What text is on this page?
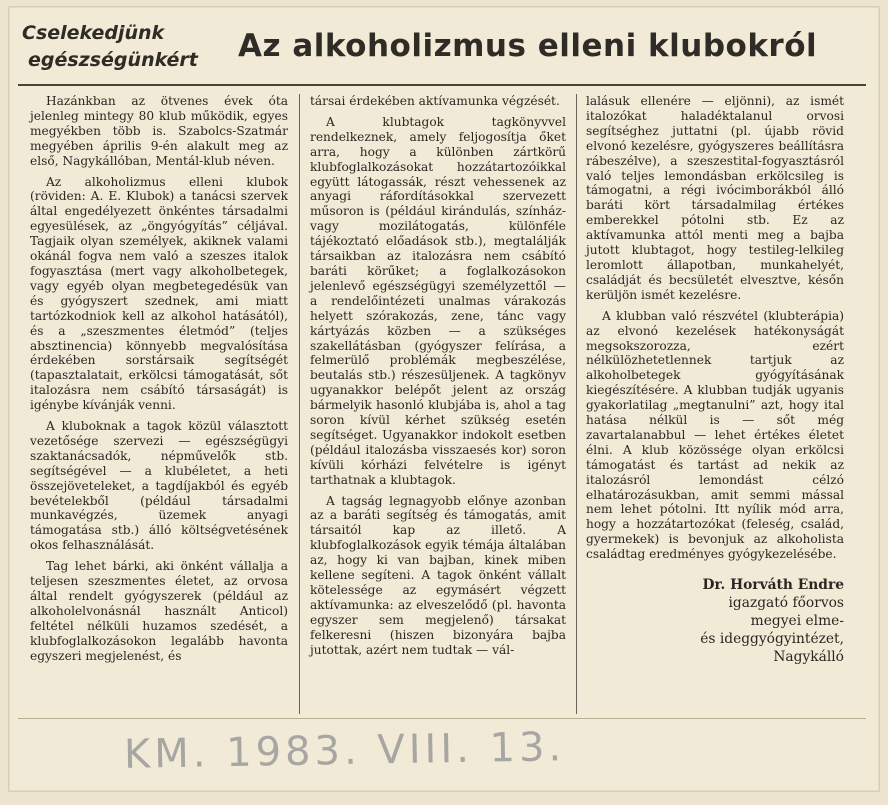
Cselekedjünk
egészségünkért	Az alkoholizmus elleni klubokról

Hazánkban az ötvenes évek óta jelenleg mintegy 80 klub működik, egyes megyékben több is. Szabolcs-Szatmár megyében április 9-én alakult meg az első, Nagykállóban, Mentál-klub néven.

Az alkoholizmus elleni klubok (röviden: A. E. Klubok) a tanácsi szervek által engedélyezett önkéntes társadalmi egyesülések, az „öngyógyítás” céljával. Tagjaik olyan személyek, akiknek valami okánál fogva nem való a szeszes italok fogyasztása (mert vagy alkoholbetegek, vagy egyéb olyan megbetegedésük van és gyógyszert szednek, ami miatt tartózkodniok kell az alkohol hatásától), és a „szeszmentes életmód” (teljes absztinencia) könnyebb megvalósítása érdekében sorstársaik segítségét (tapasztalatait, erkölcsi támogatását, sőt italozásra nem csábító társaságát) is igénybe kívánják venni.

A kluboknak a tagok közül választott vezetősége szervezi — egészségügyi szaktanácsadók, népművelők stb. segítségével — a klubéletet, a heti összejöveteleket, a tagdíjakból és egyéb bevételekből (például társadalmi munkavégzés, üzemek anyagi támogatása stb.) álló költségvetésének okos felhasználását.

Tag lehet bárki, aki önként vállalja a teljesen szeszmentes életet, az orvosa által rendelt gyógyszerek (például az alkoholelvonásnál használt Anticol) feltétel nélküli huzamos szedését, a klubfoglalkozásokon legalább havonta egyszeri megjelenést, és

társai érdekében aktívamunka végzését.

A klubtagok tagkönyvvel rendelkeznek, amely feljogosítja őket arra, hogy a különben zártkörű klubfoglalkozásokat hozzátartozóikkal együtt látogassák, részt vehessenek az anyagi ráfordításokkal szervezett műsoron is (például kirándulás, színház- vagy mozilátogatás, különféle tájékoztató előadások stb.), megtalálják társaikban az italozásra nem csábító baráti körűket; a foglalkozásokon jelenlevő egészségügyi személyzettől — a rendelőintézeti unalmas várakozás helyett szórakozás, zene, tánc vagy kártyázás közben — a szükséges szakellátásban (gyógyszer felírása, a felmerülő problémák megbeszélése, beutalás stb.) részesüljenek. A tagkönyv ugyanakkor belépőt jelent az ország bármelyik hasonló klubjába is, ahol a tag soron kívül kérhet szükség esetén segítséget. Ugyanakkor indokolt esetben (például italozásba visszaesés kor) soron kívüli kórházi felvételre is igényt tarthatnak a klubtagok.

A tagság legnagyobb előnye azonban az a baráti segítség és támogatás, amit társaitól kap az illető. A klubfoglalkozások egyik témája általában az, hogy ki van bajban, kinek miben kellene segíteni. A tagok önként vállalt kötelessége az egymásért végzett aktívamunka: az elveszelődő (pl. havonta egyszer sem megjelenő) társakat felkeresni (hiszen bizonyára bajba jutottak, azért nem tudtak — vál-

lalásuk ellenére — eljönni), az ismét italozókat haladéktalanul orvosi segítséghez juttatni (pl. újabb rövid elvonó kezelésre, gyógyszeres beállításra rábeszélve), a szeszestital-fogyasztásról való teljes lemondásban erkölcsileg is támogatni, a régi ivócimborákból álló baráti kört társadalmilag értékes emberekkel pótolni stb. Ez az aktívamunka attól menti meg a bajba jutott klubtagot, hogy testileg-lelkileg leromlott állapotban, munkahelyét, családját és becsületét elvesztve, későn kerüljön ismét kezelésre.

A klubban való részvétel (klubterápia) az elvonó kezelések hatékonyságát megsokszorozza, ezért nélkülözhetetlennek tartjuk az alkoholbetegek gyógyításának kiegészítésére. A klubban tudják ugyanis gyakorlatilag „megtanulni” azt, hogy ital hatása nélkül is — sőt még zavartalanabbul — lehet értékes életet élni. A klub közössége olyan erkölcsi támogatást és tartást ad nekik az italozásról lemondást célzó elhatározásukban, amit semmi mással nem lehet pótolni. Itt nyílik mód arra, hogy a hozzátartozókat (feleség, család, gyermekek) is bevonjuk az alkoholista családtag eredményes gyógykezelésébe.

Dr. Horváth Endre
igazgató főorvos
megyei elme-
és ideggyógyintézet,
Nagykálló
KM. 1983. VIII. 13.
